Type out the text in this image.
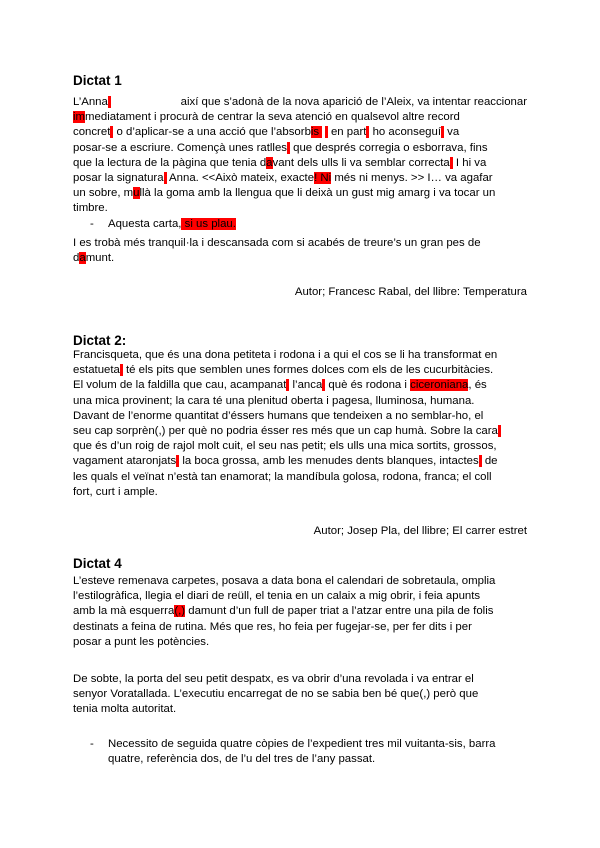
Dictat 1
L’Anna|	així que s’adonà de la nova aparició de l’Aleix, va intentar reaccionar
immediatament i procurà de centrar la seva atenció en qualsevol altre record
concret| o d’aplicar-se a una acció que l’absorbis| i en part| ho aconseguí| va
posar-se a escriure. Començà unes ratlles| que després corregia o esborrava, fins
que la lectura de la pàgina que tenia davant dels ulls li va semblar correcta| I hi va
posar la signatura| Anna. <<Això mateix, exacte! Ni més ni menys. >> I… va agafar
un sobre, mullà la goma amb la llengua que li deixà un gust mig amarg i va tocar un
timbre.
- Aquesta carta, si us plau.
I es trobà més tranquil·la i descansada com si acabés de treure’s un gran pes de
damunt.

Autor; Francesc Rabal, del llibre: Temperatura

Dictat 2:
Francisqueta, que és una dona petiteta i rodona i a qui el cos se li ha transformat en
estatueta| té els pits que semblen unes formes dolces com els de les cucurbitàcies.
El volum de la faldilla que cau, acampanat| l’anca| què és rodona i ciceroniana, és
una mica provinent; la cara té una plenitud oberta i pagesa, lluminosa, humana.
Davant de l’enorme quantitat d’éssers humans que tendeixen a no semblar-ho, el
seu cap sorprèn(,) per què no podria ésser res més que un cap humà. Sobre la cara|
que és d’un roig de rajol molt cuit, el seu nas petit; els ulls una mica sortits, grossos,
vagament ataronjats| la boca grossa, amb les menudes dents blanques, intactes| de
les quals el veïnat n’està tan enamorat; la mandíbula golosa, rodona, franca; el coll
fort, curt i ample.

Autor; Josep Pla, del llibre; El carrer estret

Dictat 4
L’esteve remenava carpetes, posava a data bona el calendari de sobretaula, omplia
l’estilogràfica, llegia el diari de reüll, el tenia en un calaix a mig obrir, i feia apunts
amb la mà esquerra(,) damunt d’un full de paper triat a l’atzar entre una pila de folis
destinats a feina de rutina. Més que res, ho feia per fugejar-se, per fer dits i per
posar a punt les potències.
De sobte, la porta del seu petit despatx, es va obrir d’una revolada i va entrar el
senyor Voratallada. L’executiu encarregat de no se sabia ben bé que(,) però que
tenia molta autoritat.
- Necessito de seguida quatre còpies de l’expedient tres mil vuitanta-sis, barra
quatre, referència dos, de l’u del tres de l’any passat.
